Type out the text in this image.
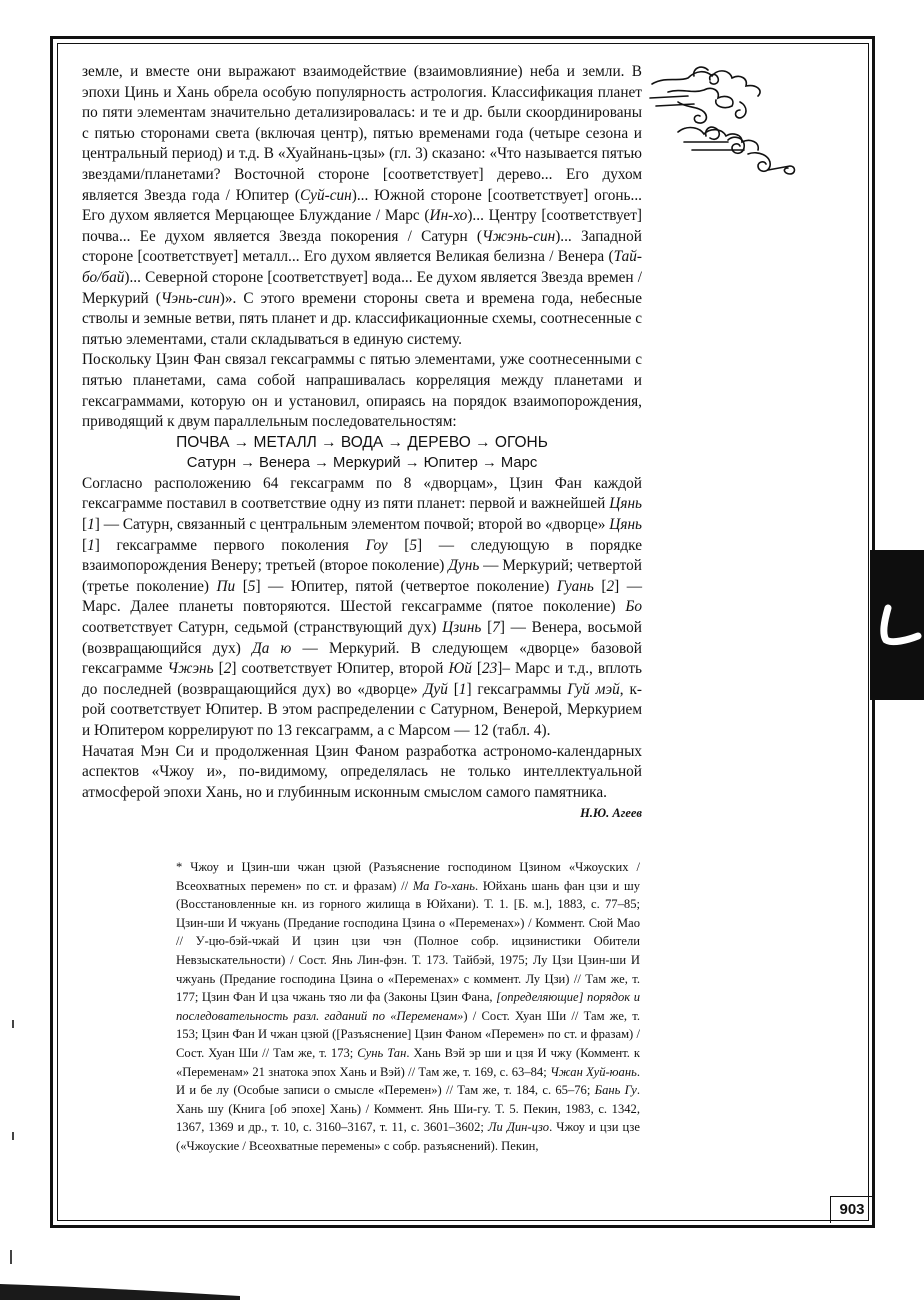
земле, и вместе они выражают взаимодействие (взаимовлияние) неба и земли. В эпохи Цинь и Хань обрела особую популярность астрология. Классификация планет по пяти элементам значительно детализировалась: и те и др. были скоординированы с пятью сторонами света (включая центр), пятью временами года (четыре сезона и центральный период) и т.д. В «Хуайнань-цзы» (гл. 3) сказано: «Что называется пятью звездами/планетами? Восточной стороне [соответствует] дерево... Его духом является Звезда года / Юпитер (Суй-син)... Южной стороне [соответствует] огонь... Его духом является Мерцающее Блуждание / Марс (Ин-хо)... Центру [соответствует] почва... Ее духом является Звезда покорения / Сатурн (Чжэнь-син)... Западной стороне [соответствует] металл... Его духом является Великая белизна / Венера (Тай-бо/бай)... Северной стороне [соответствует] вода... Ее духом является Звезда времен / Меркурий (Чэнь-син)». С этого времени стороны света и времена года, небесные стволы и земные ветви, пять планет и др. классификационные схемы, соотнесенные с пятью элементами, стали складываться в единую систему.

Поскольку Цзин Фан связал гексаграммы с пятью элементами, уже соотнесенными с пятью планетами, сама собой напрашивалась корреляция между планетами и гексаграммами, которую он и установил, опираясь на порядок взаимопорождения, приводящий к двум параллельным последовательностям:

ПОЧВА → МЕТАЛЛ → ВОДА → ДЕРЕВО → ОГОНЬ

Сатурн → Венера → Меркурий → Юпитер → Марс

Согласно расположению 64 гексаграмм по 8 «дворцам», Цзин Фан каждой гексаграмме поставил в соответствие одну из пяти планет: первой и важнейшей Цянь [1] — Сатурн, связанный с центральным элементом почвой; второй во «дворце» Цянь [1] гексаграмме первого поколения Гоу [5] — следующую в порядке взаимопорождения Венеру; третьей (второе поколение) Дунь — Меркурий; четвертой (третье поколение) Пи [5] — Юпитер, пятой (четвертое поколение) Гуань [2] — Марс. Далее планеты повторяются. Шестой гексаграмме (пятое поколение) Бо соответствует Сатурн, седьмой (странствующий дух) Цзинь [7] — Венера, восьмой (возвращающийся дух) Да ю — Меркурий. В следующем «дворце» базовой гексаграмме Чжэнь [2] соответствует Юпитер, второй Юй [23]– Марс и т.д., вплоть до последней (возвращающийся дух) во «дворце» Дуй [1] гексаграммы Гуй мэй, к-рой соответствует Юпитер. В этом распределении с Сатурном, Венерой, Меркурием и Юпитером коррелируют по 13 гексаграмм, а с Марсом — 12 (табл. 4).

Начатая Мэн Си и продолженная Цзин Фаном разработка астрономо-календарных аспектов «Чжоу и», по-видимому, определялась не только интеллектуальной атмосферой эпохи Хань, но и глубинным исконным смыслом самого памятника.

Н.Ю. Агеев

* Чжоу и Цзин-ши чжан цзюй (Разъяснение господином Цзином «Чжоуских / Всеохватных перемен» по ст. и фразам) // Ма Го-хань. Юйхань шань фан цзи и шу (Восстановленные кн. из горного жилища в Юйхани). Т. 1. [Б. м.], 1883, с. 77–85; Цзин-ши И чжуань (Предание господина Цзина о «Переменах») / Коммент. Сюй Мао // У-цю-бэй-чжай И цзин цзи чэн (Полное собр. ицзинистики Обители Невзыскательности) / Сост. Янь Лин-фэн. Т. 173. Тайбэй, 1975; Лу Цзи Цзин-ши И чжуань (Предание господина Цзина о «Переменах» с коммент. Лу Цзи) // Там же, т. 177; Цзин Фан И цза чжань тяо ли фа (Законы Цзин Фана, [определяющие] порядок и последовательность разл. гаданий по «Переменам») / Сост. Хуан Ши // Там же, т. 153; Цзин Фан И чжан цзюй ([Разъяснение] Цзин Фаном «Перемен» по ст. и фразам) / Сост. Хуан Ши // Там же, т. 173; Сунь Тан. Хань Вэй эр ши и цзя И чжу (Коммент. к «Переменам» 21 знатока эпох Хань и Вэй) // Там же, т. 169, с. 63–84; Чжан Хуй-юань. И и бе лу (Особые записи о смысле «Перемен») // Там же, т. 184, с. 65–76; Бань Гу. Хань шу (Книга [об эпохе] Хань) / Коммент. Янь Ши-гу. Т. 5. Пекин, 1983, с. 1342, 1367, 1369 и др., т. 10, с. 3160–3167, т. 11, с. 3601–3602; Ли Дин-цзо. Чжоу и цзи цзе («Чжоуские / Всеохватные перемены» с собр. разъяснений). Пекин,
903
